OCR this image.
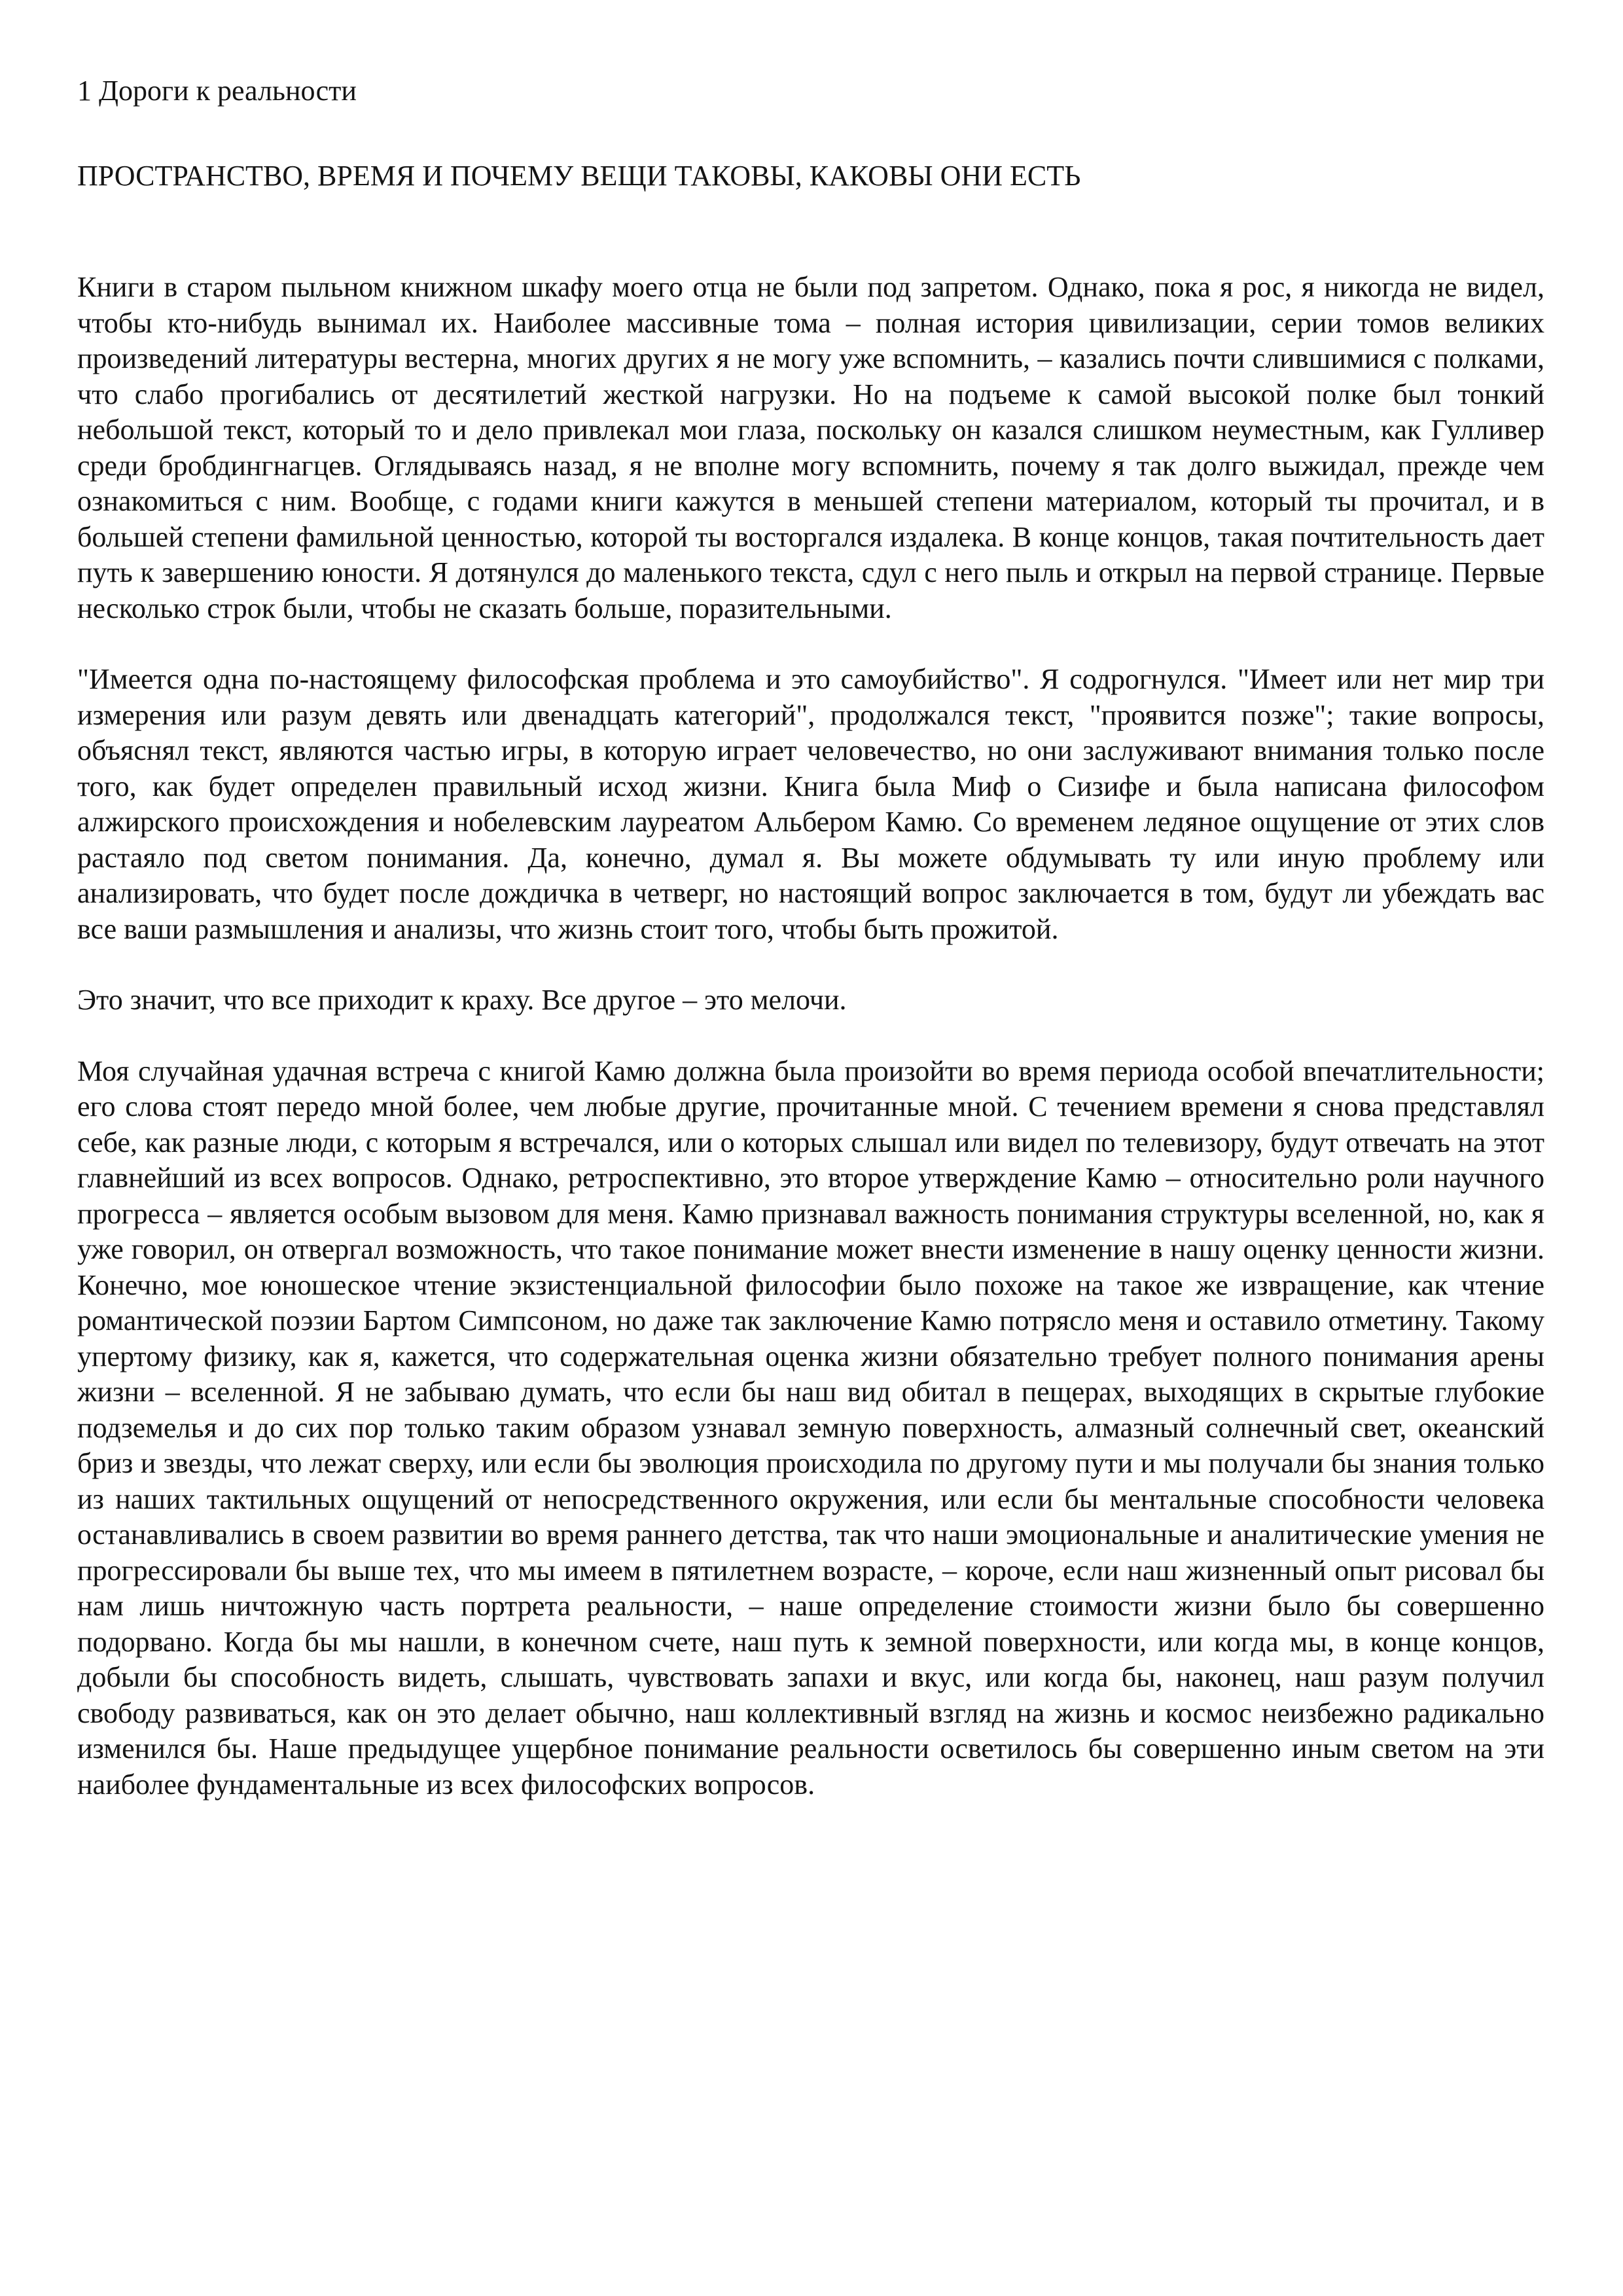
1 Дороги к реальности
ПРОСТРАНСТВО, ВРЕМЯ И ПОЧЕМУ ВЕЩИ ТАКОВЫ, КАКОВЫ ОНИ ЕСТЬ

Книги в старом пыльном книжном шкафу моего отца не были под запретом. Однако, пока я рос, я никогда не видел, чтобы кто-нибудь вынимал их. Наиболее массивные тома – полная история цивилизации, серии томов великих произведений литературы вестерна, многих других я не могу уже вспомнить, – казались почти слившимися с полками, что слабо прогибались от десятилетий жесткой нагрузки. Но на подъеме к самой высокой полке был тонкий небольшой текст, который то и дело привлекал мои глаза, поскольку он казался слишком неуместным, как Гулливер среди бробдингнагцев. Оглядываясь назад, я не вполне могу вспомнить, почему я так долго выжидал, прежде чем ознакомиться с ним. Вообще, с годами книги кажутся в меньшей степени материалом, который ты прочитал, и в большей степени фамильной ценностью, которой ты восторгался издалека. В конце концов, такая почтительность дает путь к завершению юности. Я дотянулся до маленького текста, сдул с него пыль и открыл на первой странице. Первые несколько строк были, чтобы не сказать больше, поразительными.

"Имеется одна по-настоящему философская проблема и это самоубийство". Я содрогнулся. "Имеет или нет мир три измерения или разум девять или двенадцать категорий", продолжался текст, "проявится позже"; такие вопросы, объяснял текст, являются частью игры, в которую играет человечество, но они заслуживают внимания только после того, как будет определен правильный исход жизни. Книга была Миф о Сизифе и была написана философом алжирского происхождения и нобелевским лауреатом Альбером Камю. Со временем ледяное ощущение от этих слов растаяло под светом понимания. Да, конечно, думал я. Вы можете обдумывать ту или иную проблему или анализировать, что будет после дождичка в четверг, но настоящий вопрос заключается в том, будут ли убеждать вас все ваши размышления и анализы, что жизнь стоит того, чтобы быть прожитой.

Это значит, что все приходит к краху. Все другое – это мелочи.

Моя случайная удачная встреча с книгой Камю должна была произойти во время периода особой впечатлительности; его слова стоят передо мной более, чем любые другие, прочитанные мной. С течением времени я снова представлял себе, как разные люди, с которым я встречался, или о которых слышал или видел по телевизору, будут отвечать на этот главнейший из всех вопросов. Однако, ретроспективно, это второе утверждение Камю – относительно роли научного прогресса – является особым вызовом для меня. Камю признавал важность понимания структуры вселенной, но, как я уже говорил, он отвергал возможность, что такое понимание может внести изменение в нашу оценку ценности жизни. Конечно, мое юношеское чтение экзистенциальной философии было похоже на такое же извращение, как чтение романтической поэзии Бартом Симпсоном, но даже так заключение Камю потрясло меня и оставило отметину. Такому упертому физику, как я, кажется, что содержательная оценка жизни обязательно требует полного понимания арены жизни – вселенной. Я не забываю думать, что если бы наш вид обитал в пещерах, выходящих в скрытые глубокие подземелья и до сих пор только таким образом узнавал земную поверхность, алмазный солнечный свет, океанский бриз и звезды, что лежат сверху, или если бы эволюция происходила по другому пути и мы получали бы знания только из наших тактильных ощущений от непосредственного окружения, или если бы ментальные способности человека останавливались в своем развитии во время раннего детства, так что наши эмоциональные и аналитические умения не прогрессировали бы выше тех, что мы имеем в пятилетнем возрасте, – короче, если наш жизненный опыт рисовал бы нам лишь ничтожную часть портрета реальности, – наше определение стоимости жизни было бы совершенно подорвано. Когда бы мы нашли, в конечном счете, наш путь к земной поверхности, или когда мы, в конце концов, добыли бы способность видеть, слышать, чувствовать запахи и вкус, или когда бы, наконец, наш разум получил свободу развиваться, как он это делает обычно, наш коллективный взгляд на жизнь и космос неизбежно радикально изменился бы. Наше предыдущее ущербное понимание реальности осветилось бы совершенно иным светом на эти наиболее фундаментальные из всех философских вопросов.
